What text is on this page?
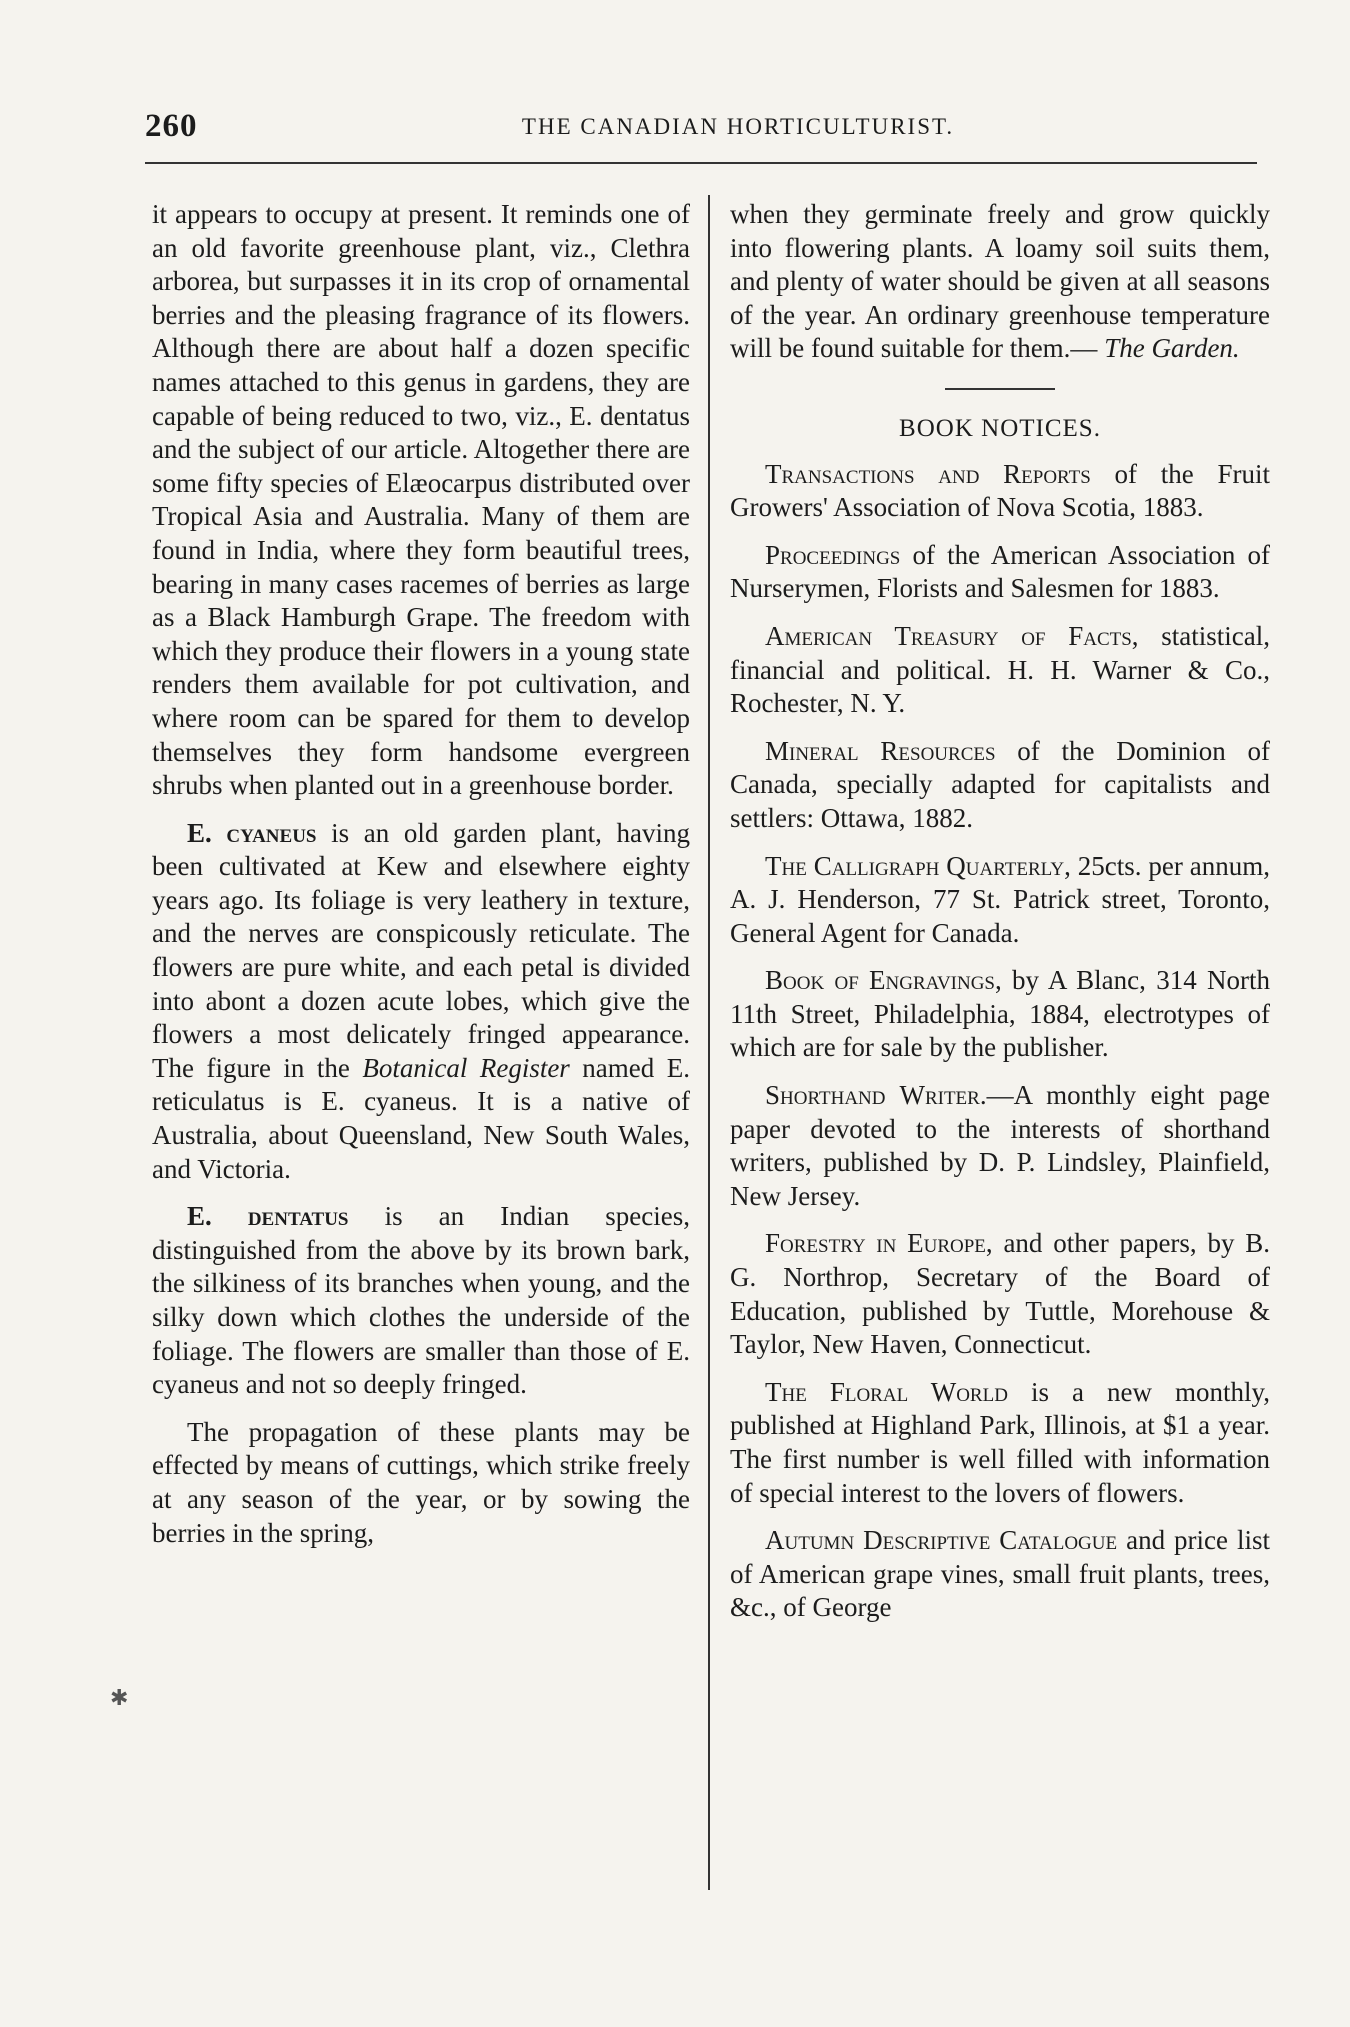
260	THE CANADIAN HORTICULTURIST.
✱

it appears to occupy at present. It reminds one of an old favorite greenhouse plant, viz., Clethra arborea, but surpasses it in its crop of ornamental berries and the pleasing fragrance of its flowers. Although there are about half a dozen specific names attached to this genus in gardens, they are capable of being reduced to two, viz., E. dentatus and the subject of our article. Altogether there are some fifty species of Elæocarpus distributed over Tropical Asia and Australia. Many of them are found in India, where they form beautiful trees, bearing in many cases racemes of berries as large as a Black Hamburgh Grape. The freedom with which they produce their flowers in a young state renders them available for pot cultivation, and where room can be spared for them to develop themselves they form handsome evergreen shrubs when planted out in a greenhouse border.

E. cyaneus is an old garden plant, having been cultivated at Kew and elsewhere eighty years ago. Its foliage is very leathery in texture, and the nerves are conspicously reticulate. The flowers are pure white, and each petal is divided into abont a dozen acute lobes, which give the flowers a most delicately fringed appearance. The figure in the Botanical Register named E. reticulatus is E. cyaneus. It is a native of Australia, about Queensland, New South Wales, and Victoria.

E. dentatus is an Indian species, distinguished from the above by its brown bark, the silkiness of its branches when young, and the silky down which clothes the underside of the foliage. The flowers are smaller than those of E. cyaneus and not so deeply fringed.

The propagation of these plants may be effected by means of cuttings, which strike freely at any season of the year, or by sowing the berries in the spring,

when they germinate freely and grow quickly into flowering plants. A loamy soil suits them, and plenty of water should be given at all seasons of the year. An ordinary greenhouse temperature will be found suitable for them.— The Garden.

BOOK NOTICES.

Transactions and Reports of the Fruit Growers' Association of Nova Scotia, 1883.

Proceedings of the American Association of Nurserymen, Florists and Salesmen for 1883.

American Treasury of Facts, statistical, financial and political. H. H. Warner & Co., Rochester, N. Y.

Mineral Resources of the Dominion of Canada, specially adapted for capitalists and settlers: Ottawa, 1882.

The Calligraph Quarterly, 25cts. per annum, A. J. Henderson, 77 St. Patrick street, Toronto, General Agent for Canada.

Book of Engravings, by A Blanc, 314 North 11th Street, Philadelphia, 1884, electrotypes of which are for sale by the publisher.

Shorthand Writer.—A monthly eight page paper devoted to the interests of shorthand writers, published by D. P. Lindsley, Plainfield, New Jersey.

Forestry in Europe, and other papers, by B. G. Northrop, Secretary of the Board of Education, published by Tuttle, Morehouse & Taylor, New Haven, Connecticut.

The Floral World is a new monthly, published at Highland Park, Illinois, at $1 a year. The first number is well filled with information of special interest to the lovers of flowers.

Autumn Descriptive Catalogue and price list of American grape vines, small fruit plants, trees, &c., of George
